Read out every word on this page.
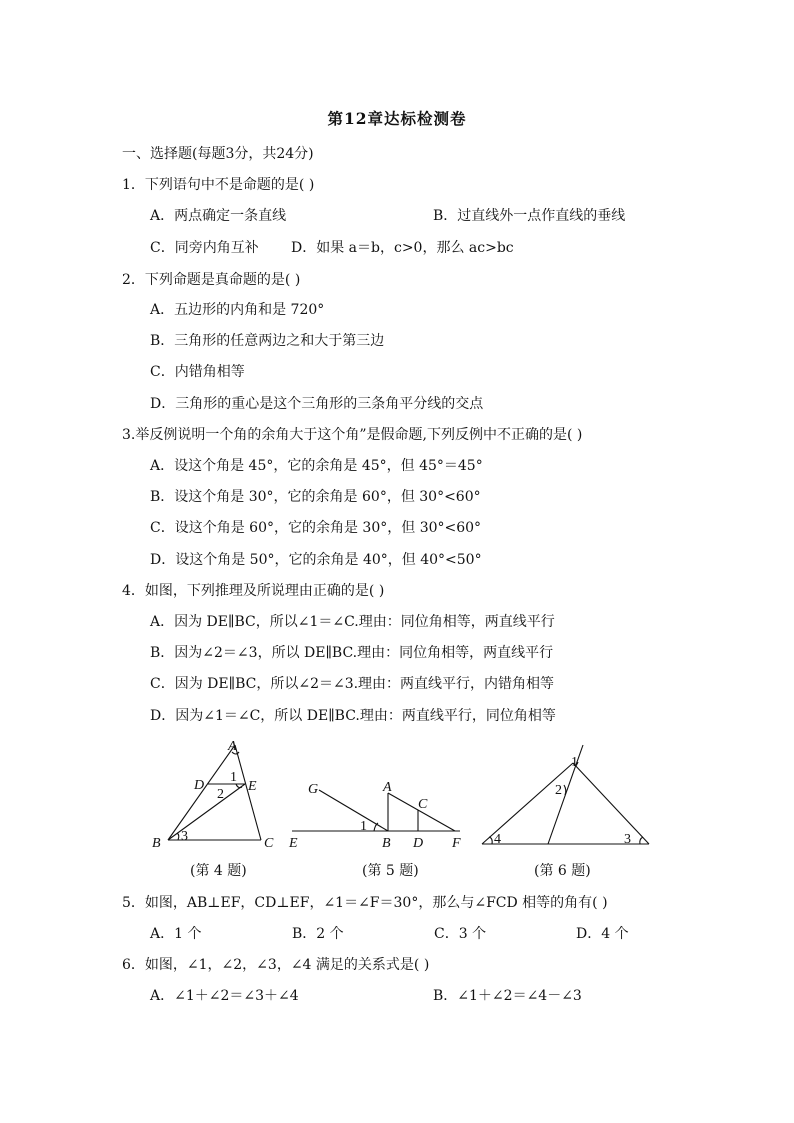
第12章达标检测卷
一、选择题(每题3分，共24分)
1．下列语句中不是命题的是( )
A．两点确定一条直线	B．过直线外一点作直线的垂线
C．同旁内角互补 D．如果 a＝b，c>0，那么 ac>bc
2．下列命题是真命题的是( )
A．五边形的内角和是 720°
B．三角形的任意两边之和大于第三边
C．内错角相等
D．三角形的重心是这个三角形的三条角平分线的交点
3.举反例说明一个角的余角大于这个角”是假命题,下列反例中不正确的是( )
A．设这个角是 45°，它的余角是 45°，但 45°＝45°
B．设这个角是 30°，它的余角是 60°，但 30°<60°
C．设这个角是 60°，它的余角是 30°，但 30°<60°
D．设这个角是 50°，它的余角是 40°，但 40°<50°
4．如图，下列推理及所说理由正确的是( )
A．因为 DE∥BC，所以∠1＝∠C.理由：同位角相等，两直线平行
B．因为∠2＝∠3，所以 DE∥BC.理由：同位角相等，两直线平行
C．因为 DE∥BC，所以∠2＝∠3.理由：两直线平行，内错角相等
D．因为∠1＝∠C，所以 DE∥BC.理由：两直线平行，同位角相等
A
D	E
1
2
3
B	C
(第 4 题)
G	A
C
1
E	B D F
(第 5 题)
1
2
4	3
(第 6 题)
5．如图，AB⊥EF，CD⊥EF，∠1＝∠F＝30°，那么与∠FCD 相等的角有( )
A．1 个	B．2 个	C．3 个	D．4 个
6．如图，∠1，∠2，∠3，∠4 满足的关系式是( )
A．∠1＋∠2＝∠3＋∠4	B．∠1＋∠2＝∠4－∠3
